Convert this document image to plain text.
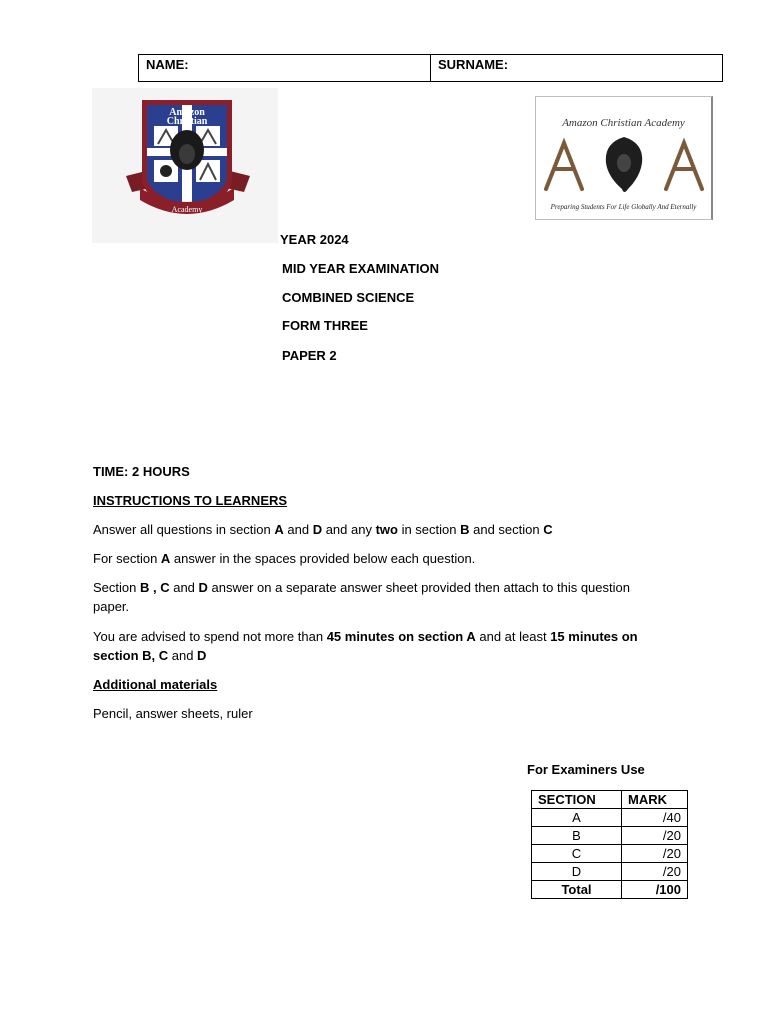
NAME:	SURNAME:
Amazon
Christian
Academy
Amazon Christian Academy
Preparing Students For Life Globally And Eternally
YEAR 2024
MID YEAR EXAMINATION
COMBINED SCIENCE
FORM THREE
PAPER 2
TIME: 2 HOURS
INSTRUCTIONS TO LEARNERS
Answer all questions in section A and D and any two in section B and section C
For section A answer in the spaces provided below each question.
Section B , C and D answer on a separate answer sheet provided then attach to this question paper.
You are advised to spend not more than 45 minutes on section A and at least 15 minutes on section B, C and D
Additional materials
Pencil, answer sheets, ruler
For Examiners Use
SECTION	MARK
A	/40
B	/20
C	/20
D	/20
Total	/100
